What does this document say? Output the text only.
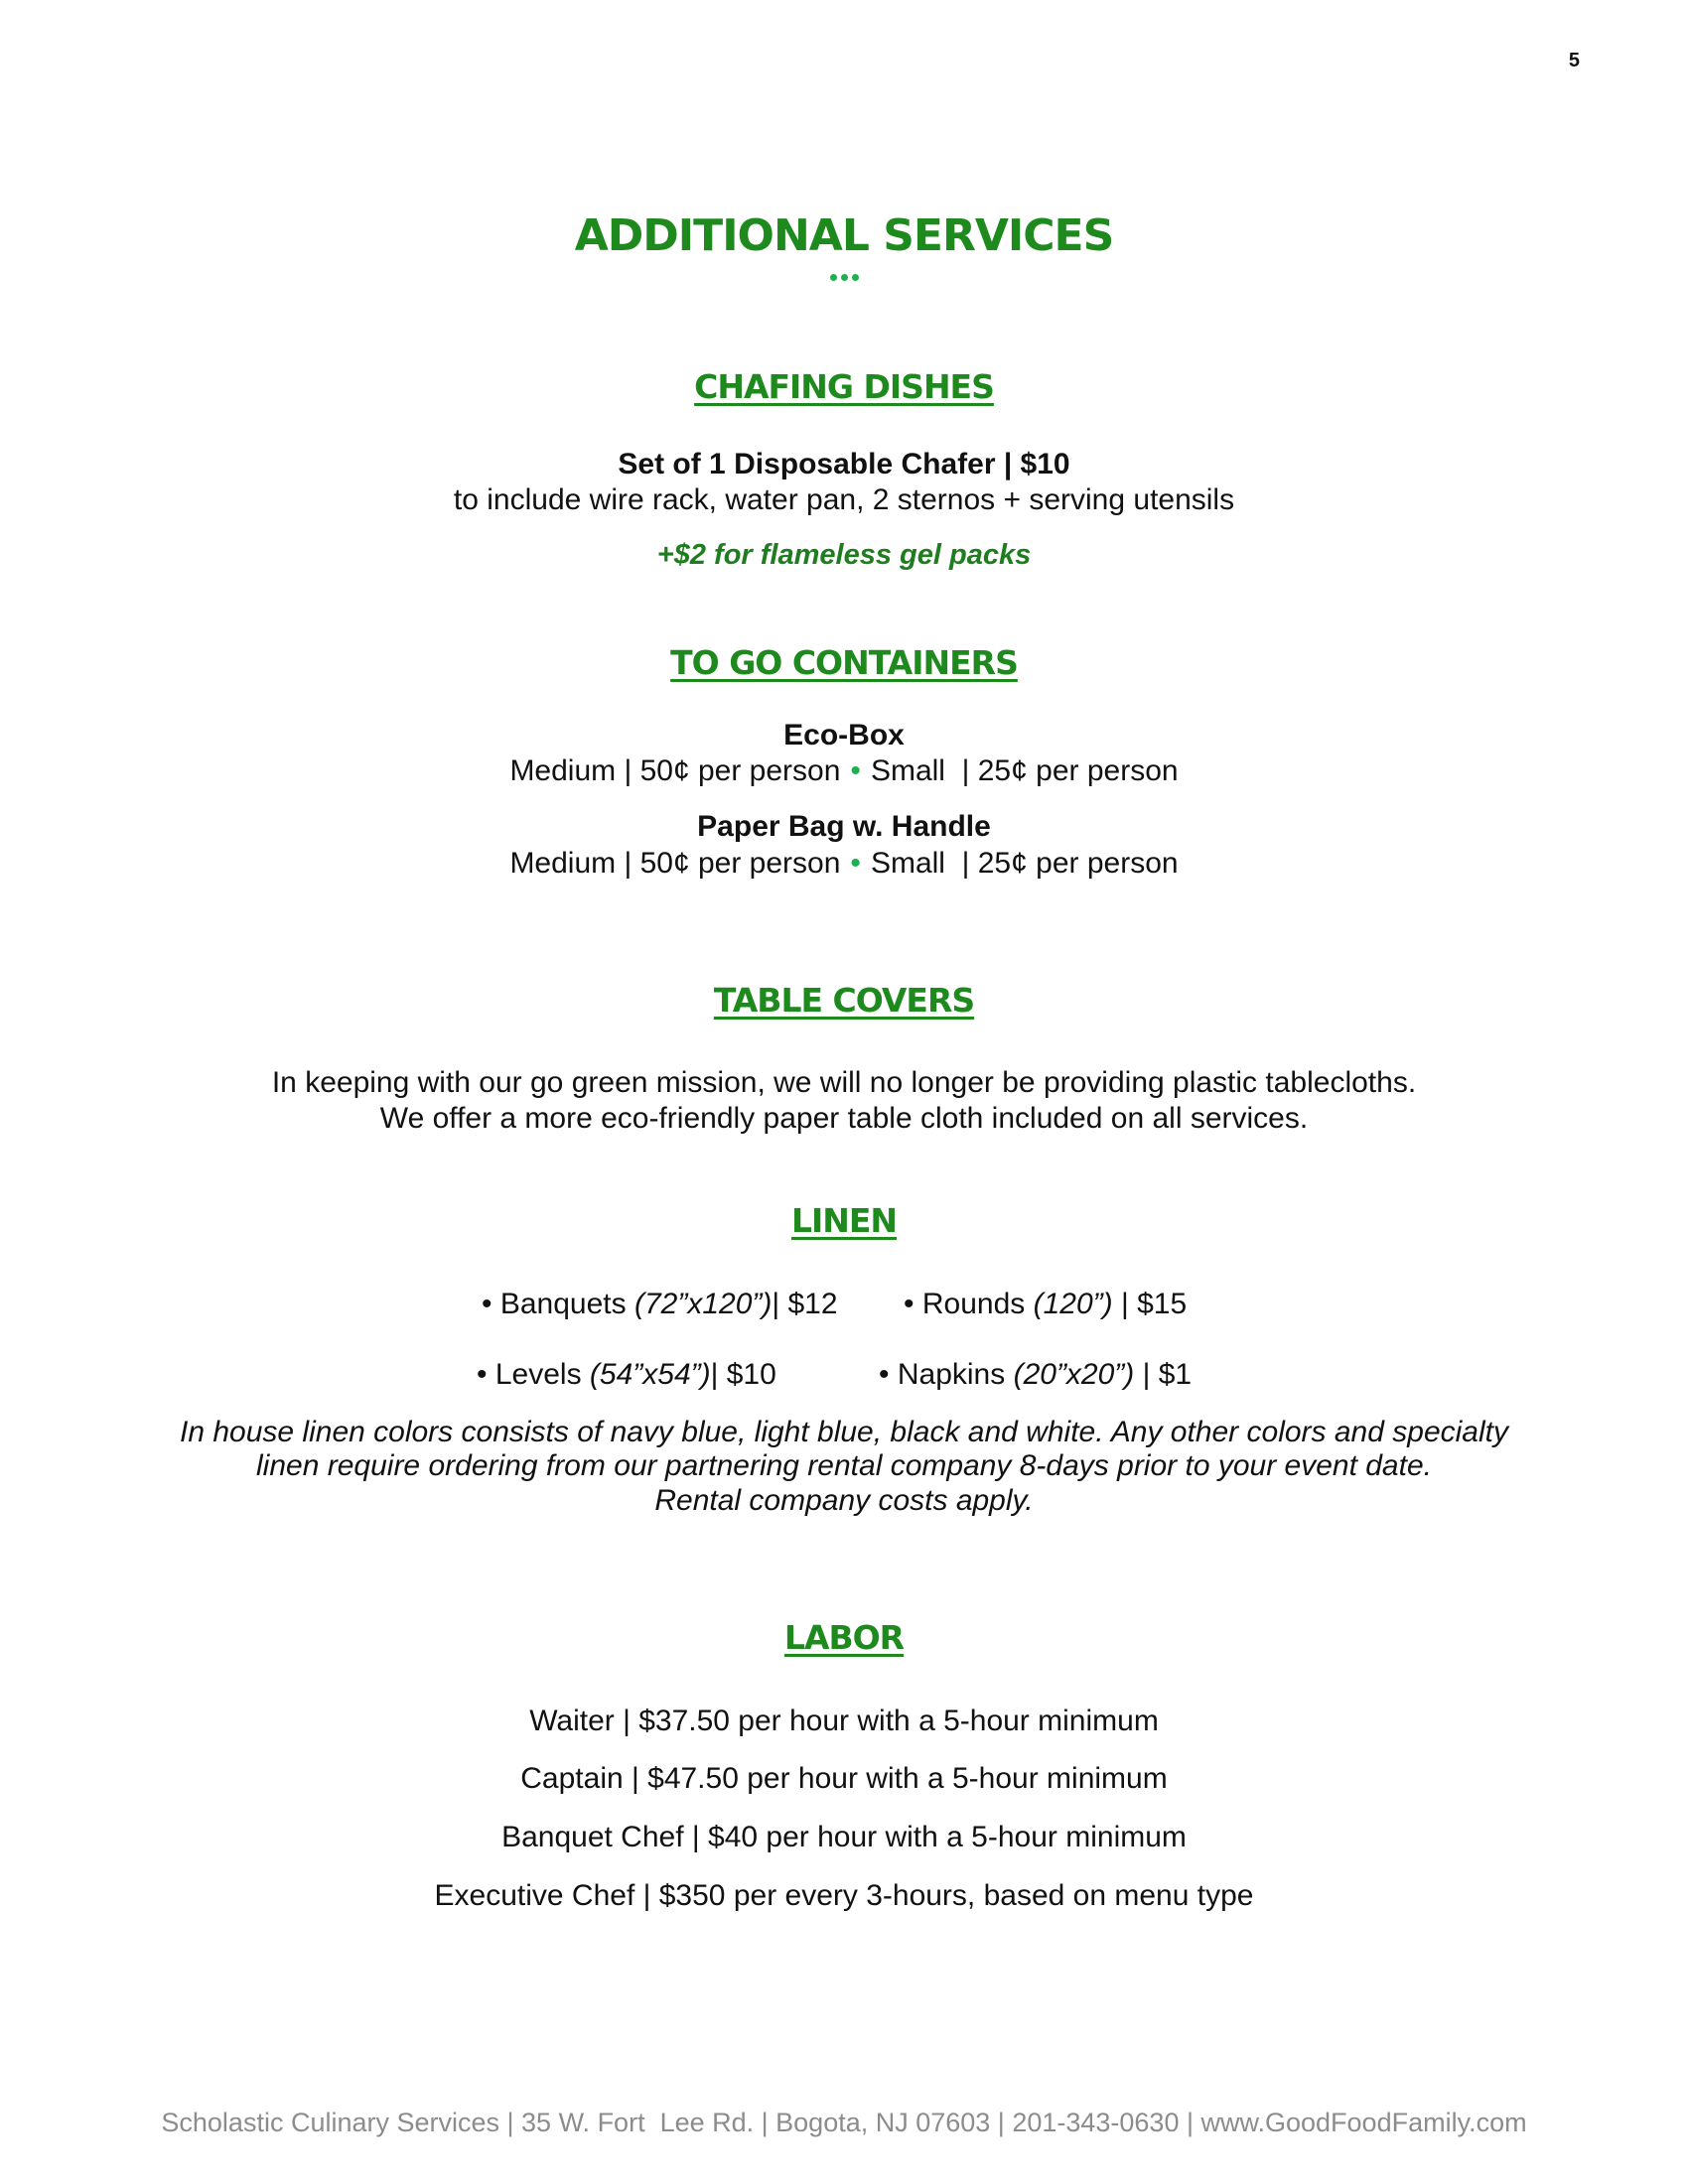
5
ADDITIONAL SERVICES
CHAFING DISHES
Set of 1 Disposable Chafer | $10
to include wire rack, water pan, 2 sternos + serving utensils
+$2 for flameless gel packs
TO GO CONTAINERS
Eco-Box
Medium | 50¢ per person • Small  | 25¢ per person
Paper Bag w. Handle
Medium | 50¢ per person • Small  | 25¢ per person
TABLE COVERS
In keeping with our go green mission, we will no longer be providing plastic tablecloths.
We offer a more eco-friendly paper table cloth included on all services.
LINEN
• Banquets (72”x120”)| $12 • Rounds (120”) | $15
• Levels (54”x54”)| $10	• Napkins (20”x20”) | $1
In house linen colors consists of navy blue, light blue, black and white. Any other colors and specialty
linen require ordering from our partnering rental company 8-days prior to your event date.
Rental company costs apply.
LABOR
Waiter | $37.50 per hour with a 5-hour minimum
Captain | $47.50 per hour with a 5-hour minimum
Banquet Chef | $40 per hour with a 5-hour minimum
Executive Chef | $350 per every 3-hours, based on menu type
Scholastic Culinary Services | 35 W. Fort  Lee Rd. | Bogota, NJ 07603 | 201-343-0630 | www.GoodFoodFamily.com
